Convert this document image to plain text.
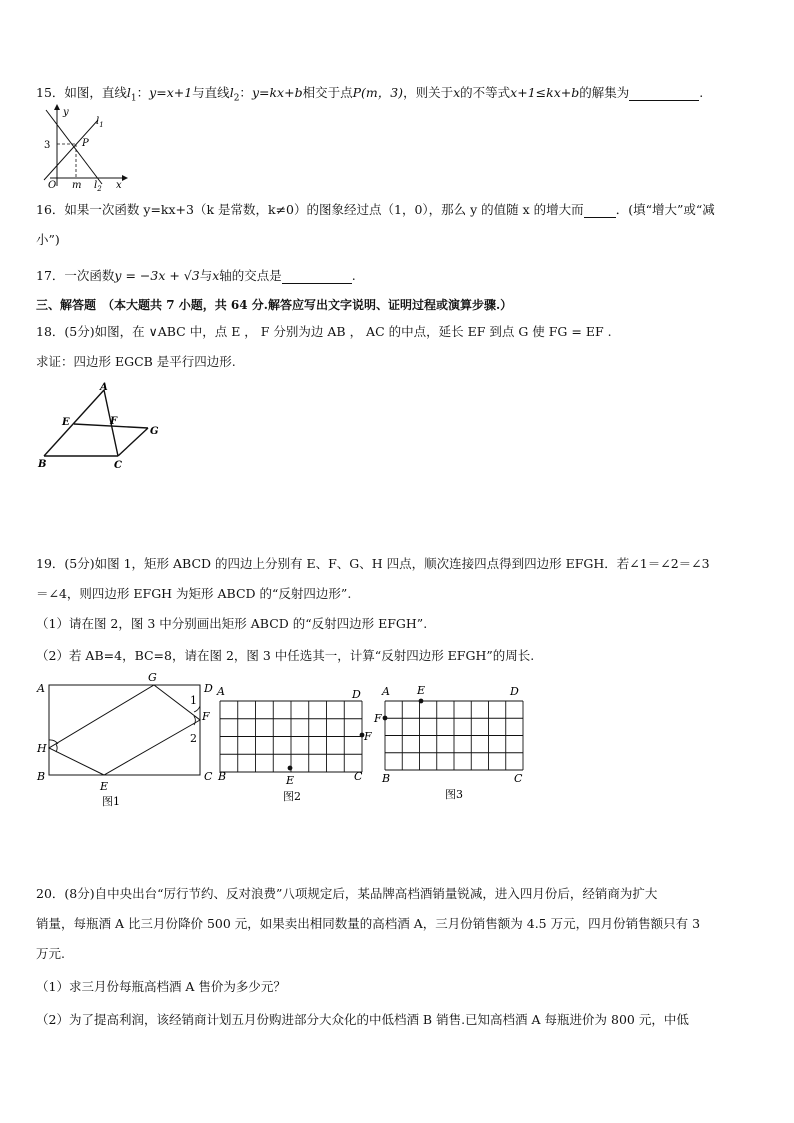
15．如图，直线$l_1$：y=x+1与直线$l_2$：y=kx+b相交于点P(m，3)，则关于x的不等式x+1≤kx+b的解集为	.
y
x
O
3
m
P
$l_1$
$l_2$
16．如果一次函数 y=kx+3（k 是常数，k≠0）的图象经过点（1，0），那么 y 的值随 x 的增大而	．(填“增大”或“减
小”)
17．一次函数y = −3x + √3与x轴的交点是	.
三、解答题 （本大题共 7 小题，共 64 分.解答应写出文字说明、证明过程或演算步骤.）
18．(5分)如图，在 ∨ABC 中，点 E ， F 分别为边 AB ， AC 的中点，延长 EF 到点 G 使 FG = EF .
求证：四边形 EGCB 是平行四边形.
A
E	F
G
B	C
19．(5分)如图 1，矩形 ABCD 的四边上分别有 E、F、G、H 四点，顺次连接四点得到四边形 EFGH．若∠1＝∠2＝∠3
＝∠4，则四边形 EFGH 为矩形 ABCD 的“反射四边形”.
（1）请在图 2，图 3 中分别画出矩形 ABCD 的“反射四边形 EFGH”.
（2）若 AB=4，BC=8，请在图 2，图 3 中任选其一，计算“反射四边形 EFGH”的周长.
A
G
D
1
F
2
H
B
E
C
图1
A	D
F
B	E	C
图2
A E	D
F
B	C
图3
20．(8分)自中央出台“厉行节约、反对浪费”八项规定后，某品牌高档酒销量锐减，进入四月份后，经销商为扩大
销量，每瓶酒 A 比三月份降价 500 元，如果卖出相同数量的高档酒 A，三月份销售额为 4.5 万元，四月份销售额只有 3
万元.
（1）求三月份每瓶高档酒 A 售价为多少元？
（2）为了提高利润，该经销商计划五月份购进部分大众化的中低档酒 B 销售.已知高档酒 A 每瓶进价为 800 元，中低
